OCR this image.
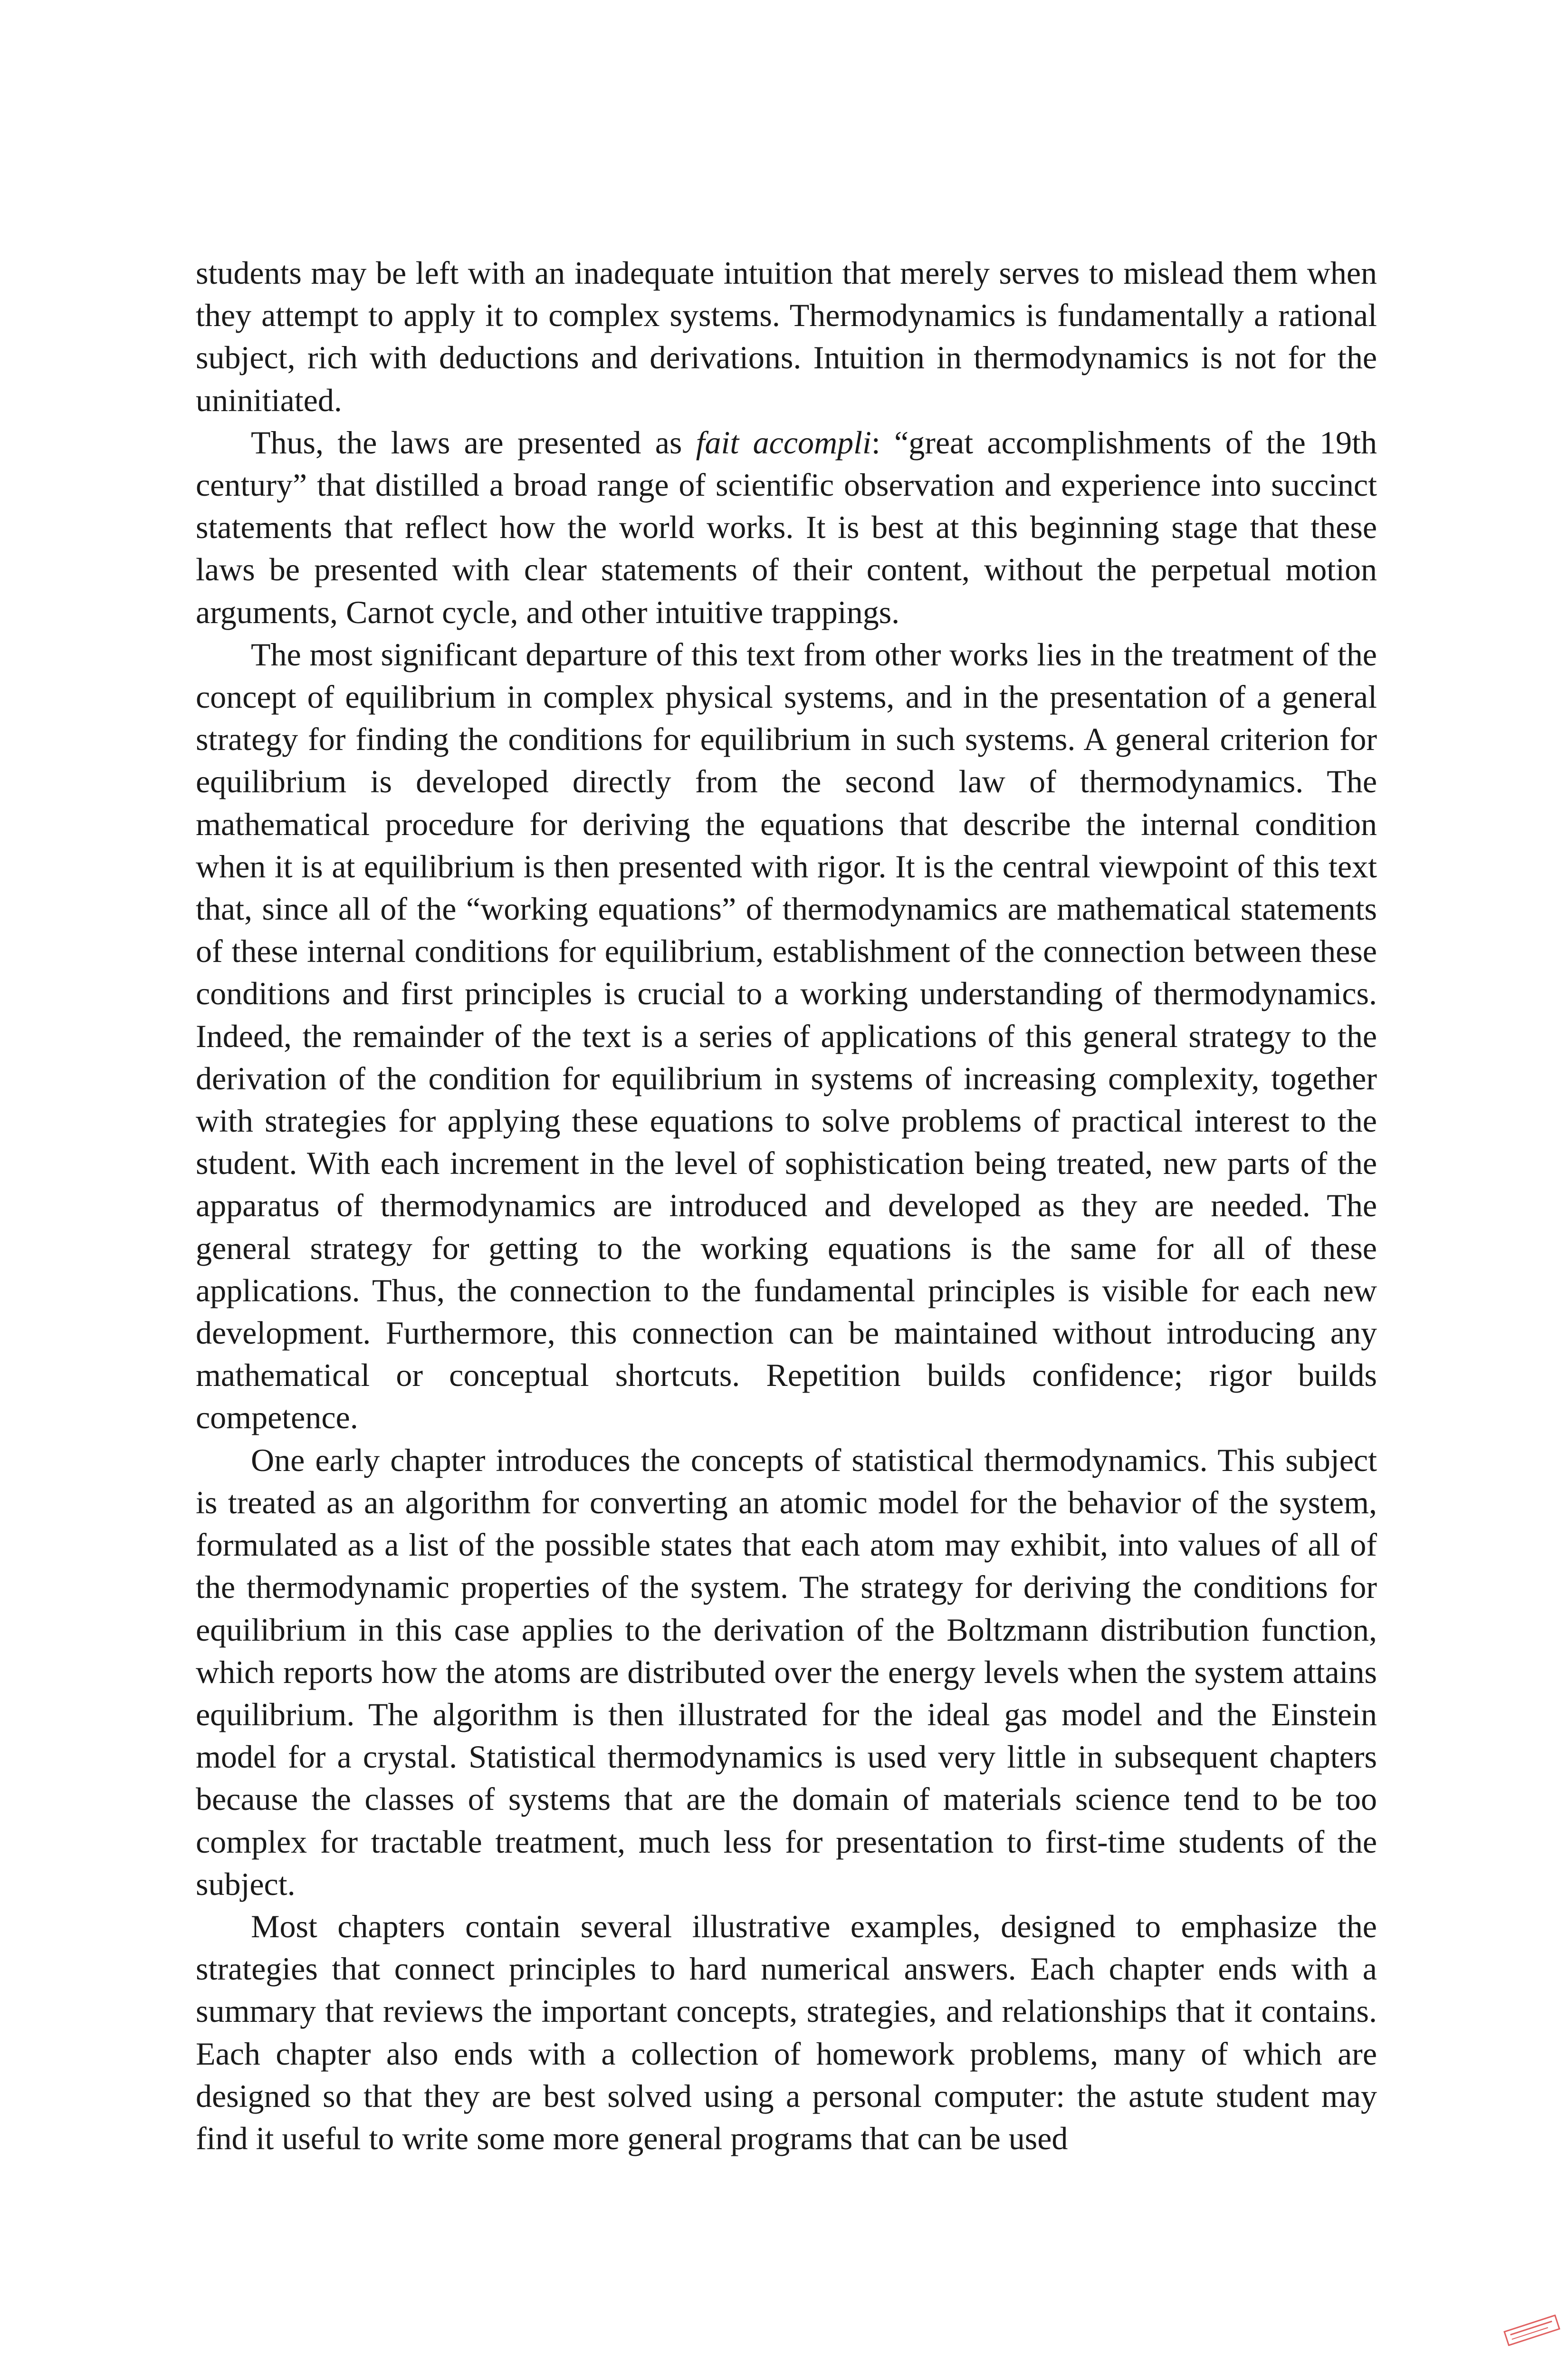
students may be left with an inadequate intuition that merely serves to mislead them when they attempt to apply it to complex systems. Thermodynamics is fundamentally a rational subject, rich with deductions and derivations. Intuition in thermodynamics is not for the uninitiated.

Thus, the laws are presented as fait accompli: “great accomplishments of the 19th century” that distilled a broad range of scientific observation and experience into succinct statements that reflect how the world works. It is best at this beginning stage that these laws be presented with clear statements of their content, without the perpetual motion arguments, Carnot cycle, and other intuitive trappings.

The most significant departure of this text from other works lies in the treatment of the concept of equilibrium in complex physical systems, and in the presentation of a general strategy for finding the conditions for equilibrium in such systems. A general criterion for equilibrium is developed directly from the second law of thermodynamics. The mathematical procedure for deriving the equations that describe the internal condition when it is at equilibrium is then presented with rigor. It is the central viewpoint of this text that, since all of the “working equations” of thermodynamics are mathematical statements of these internal conditions for equilibrium, establishment of the connection between these conditions and first principles is crucial to a working understanding of thermodynamics. Indeed, the remainder of the text is a series of applications of this general strategy to the derivation of the condition for equilibrium in systems of increasing complexity, together with strategies for applying these equations to solve problems of practical interest to the student. With each increment in the level of sophistication being treated, new parts of the apparatus of thermodynamics are introduced and developed as they are needed. The general strategy for getting to the working equations is the same for all of these applications. Thus, the connection to the fundamental principles is visible for each new development. Furthermore, this connection can be maintained without introducing any mathematical or conceptual shortcuts. Repetition builds confidence; rigor builds competence.

One early chapter introduces the concepts of statistical thermodynamics. This subject is treated as an algorithm for converting an atomic model for the behavior of the system, formulated as a list of the possible states that each atom may exhibit, into values of all of the thermodynamic properties of the system. The strategy for deriving the conditions for equilibrium in this case applies to the derivation of the Boltzmann distribution function, which reports how the atoms are distributed over the energy levels when the system attains equilibrium. The algorithm is then illustrated for the ideal gas model and the Einstein model for a crystal. Statistical thermodynamics is used very little in subsequent chapters because the classes of systems that are the domain of materials science tend to be too complex for tractable treatment, much less for presentation to first-time students of the subject.

Most chapters contain several illustrative examples, designed to emphasize the strategies that connect principles to hard numerical answers. Each chapter ends with a summary that reviews the important concepts, strategies, and relationships that it contains. Each chapter also ends with a collection of homework problems, many of which are designed so that they are best solved using a personal computer: the astute student may find it useful to write some more general programs that can be used
